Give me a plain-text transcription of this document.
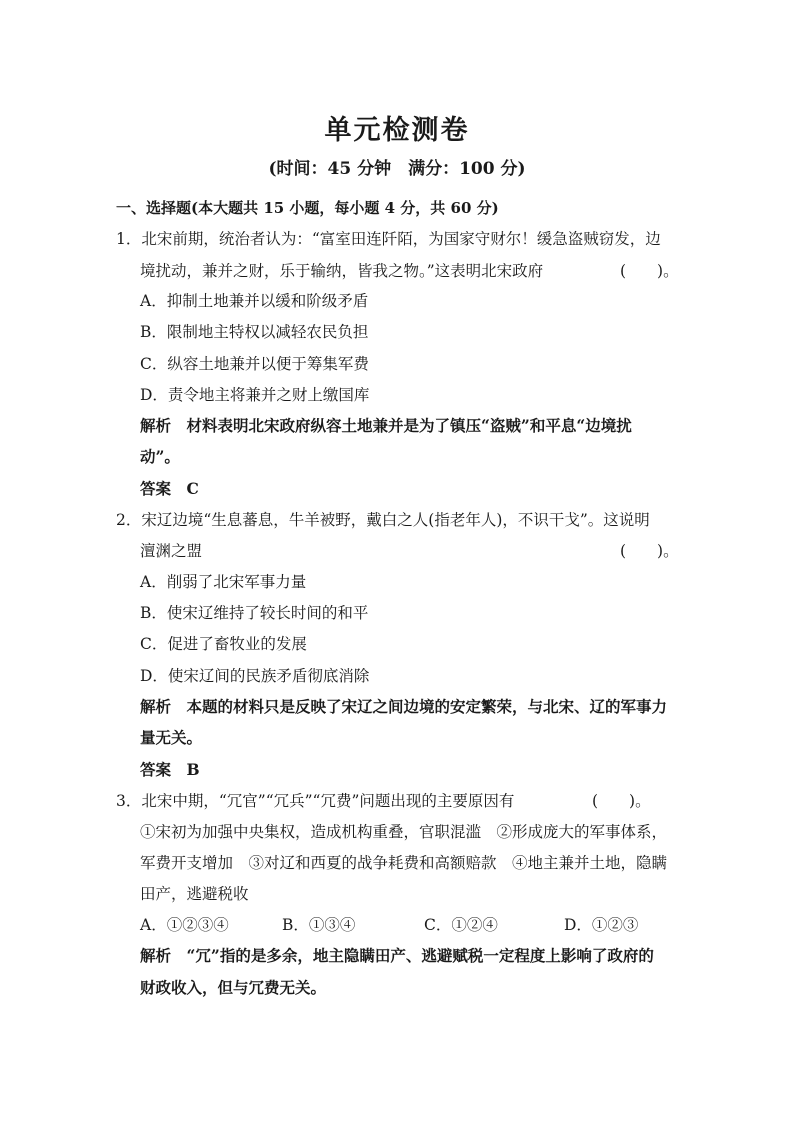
单元检测卷
(时间：45 分钟　满分：100 分)
一、选择题(本大题共 15 小题，每小题 4 分，共 60 分)
1．北宋前期，统治者认为：“富室田连阡陌，为国家守财尔！缓急盗贼窃发，边
境扰动，兼并之财，乐于输纳，皆我之物。”这表明北宋政府	(　　)。
A．抑制土地兼并以缓和阶级矛盾
B．限制地主特权以减轻农民负担
C．纵容土地兼并以便于筹集军费
D．责令地主将兼并之财上缴国库
解析　材料表明北宋政府纵容土地兼并是为了镇压“盗贼”和平息“边境扰
动”。
答案　C
2．宋辽边境“生息蕃息，牛羊被野，戴白之人(指老年人)，不识干戈”。这说明
澶渊之盟	(　　)。
A．削弱了北宋军事力量
B．使宋辽维持了较长时间的和平
C．促进了畜牧业的发展
D．使宋辽间的民族矛盾彻底消除
解析　本题的材料只是反映了宋辽之间边境的安定繁荣，与北宋、辽的军事力
量无关。
答案　B
3．北宋中期，“冗官”“冗兵”“冗费”问题出现的主要原因有	(　　)。
①宋初为加强中央集权，造成机构重叠，官职混滥　②形成庞大的军事体系，
军费开支增加　③对辽和西夏的战争耗费和高额赔款　④地主兼并土地，隐瞒
田产，逃避税收
A．①②③④	B．①③④	C．①②④	D．①②③
解析　“冗”指的是多余，地主隐瞒田产、逃避赋税一定程度上影响了政府的
财政收入，但与冗费无关。
